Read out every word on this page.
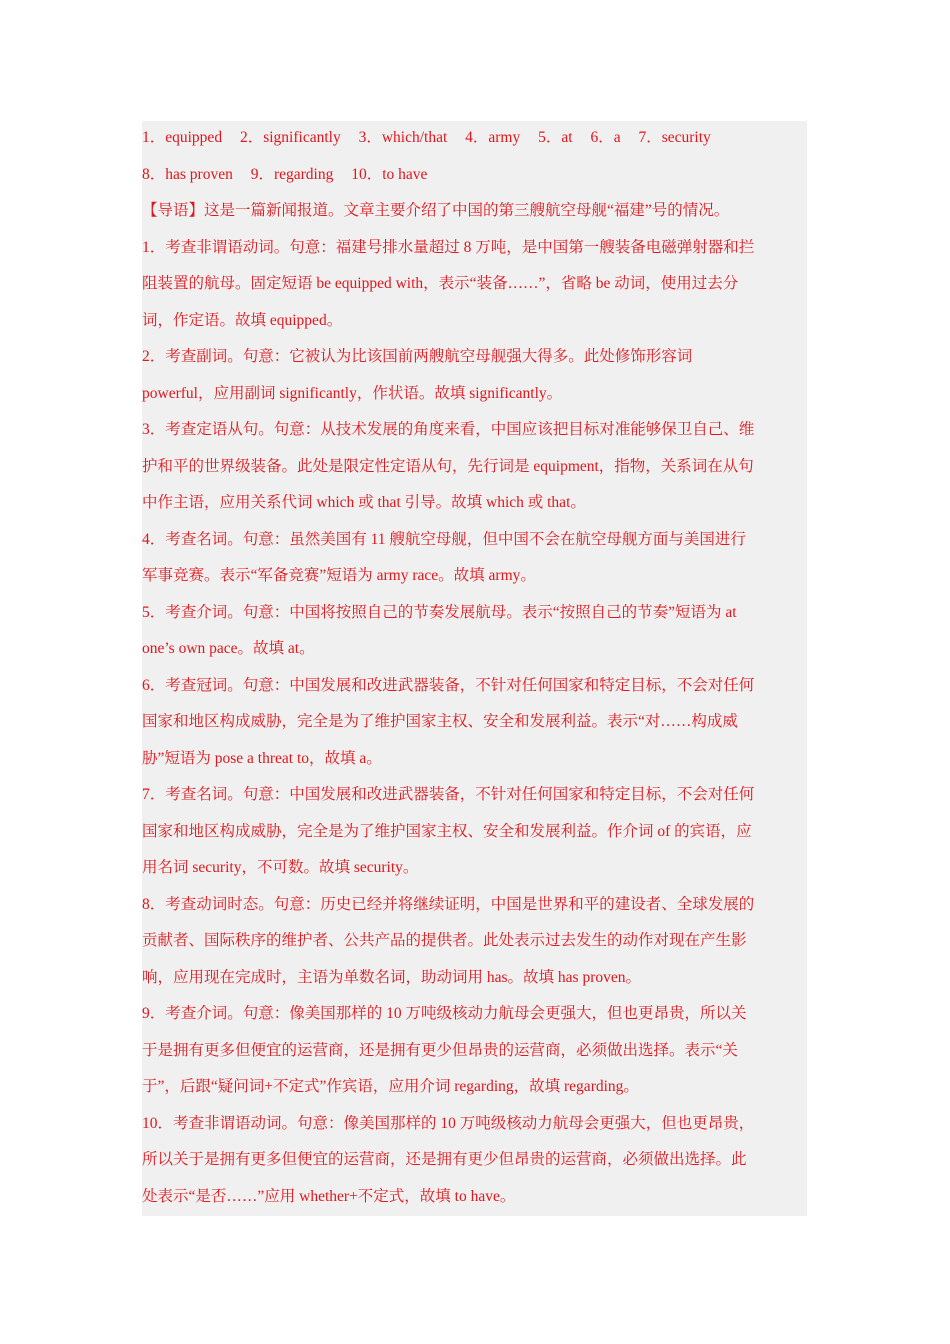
1．equipped 2．significantly 3．which/that 4．army 5．at 6．a 7．security
8．has proven 9．regarding 10．to have
【导语】这是一篇新闻报道。文章主要介绍了中国的第三艘航空母舰“福建”号的情况。
1．考查非谓语动词。句意：福建号排水量超过 8 万吨，是中国第一艘装备电磁弹射器和拦
阻装置的航母。固定短语 be equipped with，表示“装备……”，省略 be 动词，使用过去分
词，作定语。故填 equipped。
2．考查副词。句意：它被认为比该国前两艘航空母舰强大得多。此处修饰形容词
powerful，应用副词 significantly，作状语。故填 significantly。
3．考查定语从句。句意：从技术发展的角度来看，中国应该把目标对准能够保卫自己、维
护和平的世界级装备。此处是限定性定语从句，先行词是 equipment，指物，关系词在从句
中作主语，应用关系代词 which 或 that 引导。故填 which 或 that。
4．考查名词。句意：虽然美国有 11 艘航空母舰，但中国不会在航空母舰方面与美国进行
军事竞赛。表示“军备竞赛”短语为 army race。故填 army。
5．考查介词。句意：中国将按照自己的节奏发展航母。表示“按照自己的节奏”短语为 at
one’s own pace。故填 at。
6．考查冠词。句意：中国发展和改进武器装备，不针对任何国家和特定目标，不会对任何
国家和地区构成威胁，完全是为了维护国家主权、安全和发展利益。表示“对……构成威
胁”短语为 pose a threat to，故填 a。
7．考查名词。句意：中国发展和改进武器装备，不针对任何国家和特定目标，不会对任何
国家和地区构成威胁，完全是为了维护国家主权、安全和发展利益。作介词 of 的宾语，应
用名词 security，不可数。故填 security。
8．考查动词时态。句意：历史已经并将继续证明，中国是世界和平的建设者、全球发展的
贡献者、国际秩序的维护者、公共产品的提供者。此处表示过去发生的动作对现在产生影
响，应用现在完成时，主语为单数名词，助动词用 has。故填 has proven。
9．考查介词。句意：像美国那样的 10 万吨级核动力航母会更强大，但也更昂贵，所以关
于是拥有更多但便宜的运营商，还是拥有更少但昂贵的运营商，必须做出选择。表示“关
于”，后跟“疑问词+不定式”作宾语，应用介词 regarding，故填 regarding。
10．考查非谓语动词。句意：像美国那样的 10 万吨级核动力航母会更强大，但也更昂贵，
所以关于是拥有更多但便宜的运营商，还是拥有更少但昂贵的运营商，必须做出选择。此
处表示“是否……”应用 whether+不定式，故填 to have。
